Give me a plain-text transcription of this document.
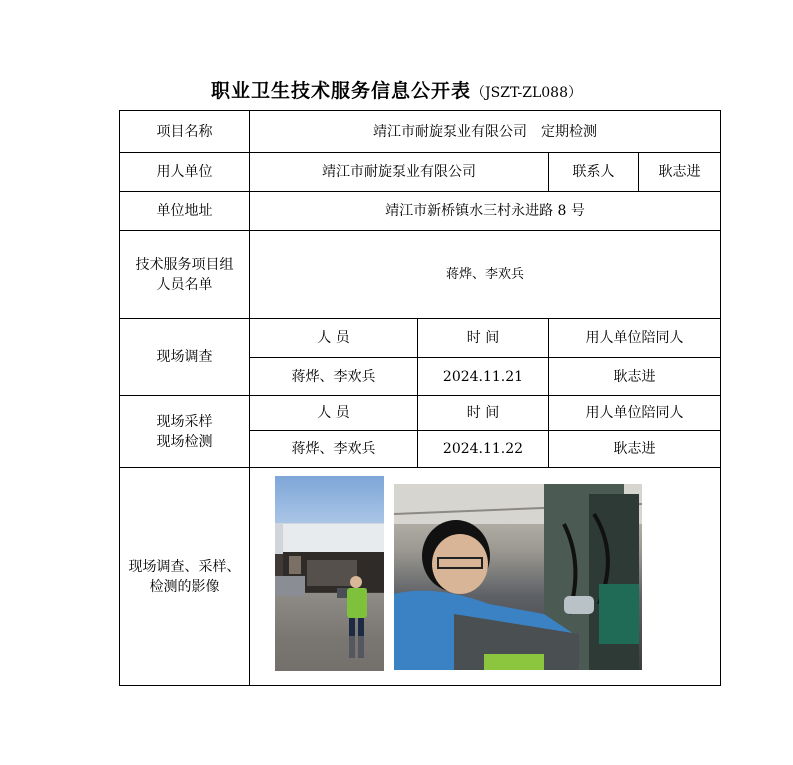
职业卫生技术服务信息公开表（JSZT-ZL088）
项目名称	靖江市耐旋泵业有限公司　定期检测			
用人单位	靖江市耐旋泵业有限公司		联系人	耿志进
单位地址	靖江市新桥镇水三村永进路 8 号			

技术服务项目组
人员名单	蒋烨、李欢兵			
现场调查	人 员	时 间	用人单位陪同人	
	蒋烨、李欢兵	2024.11.21	耿志进	

现场采样
现场检测	人 员	时 间	用人单位陪同人	
	蒋烨、李欢兵	2024.11.22	耿志进	

现场调查、采样、
检测的影像
